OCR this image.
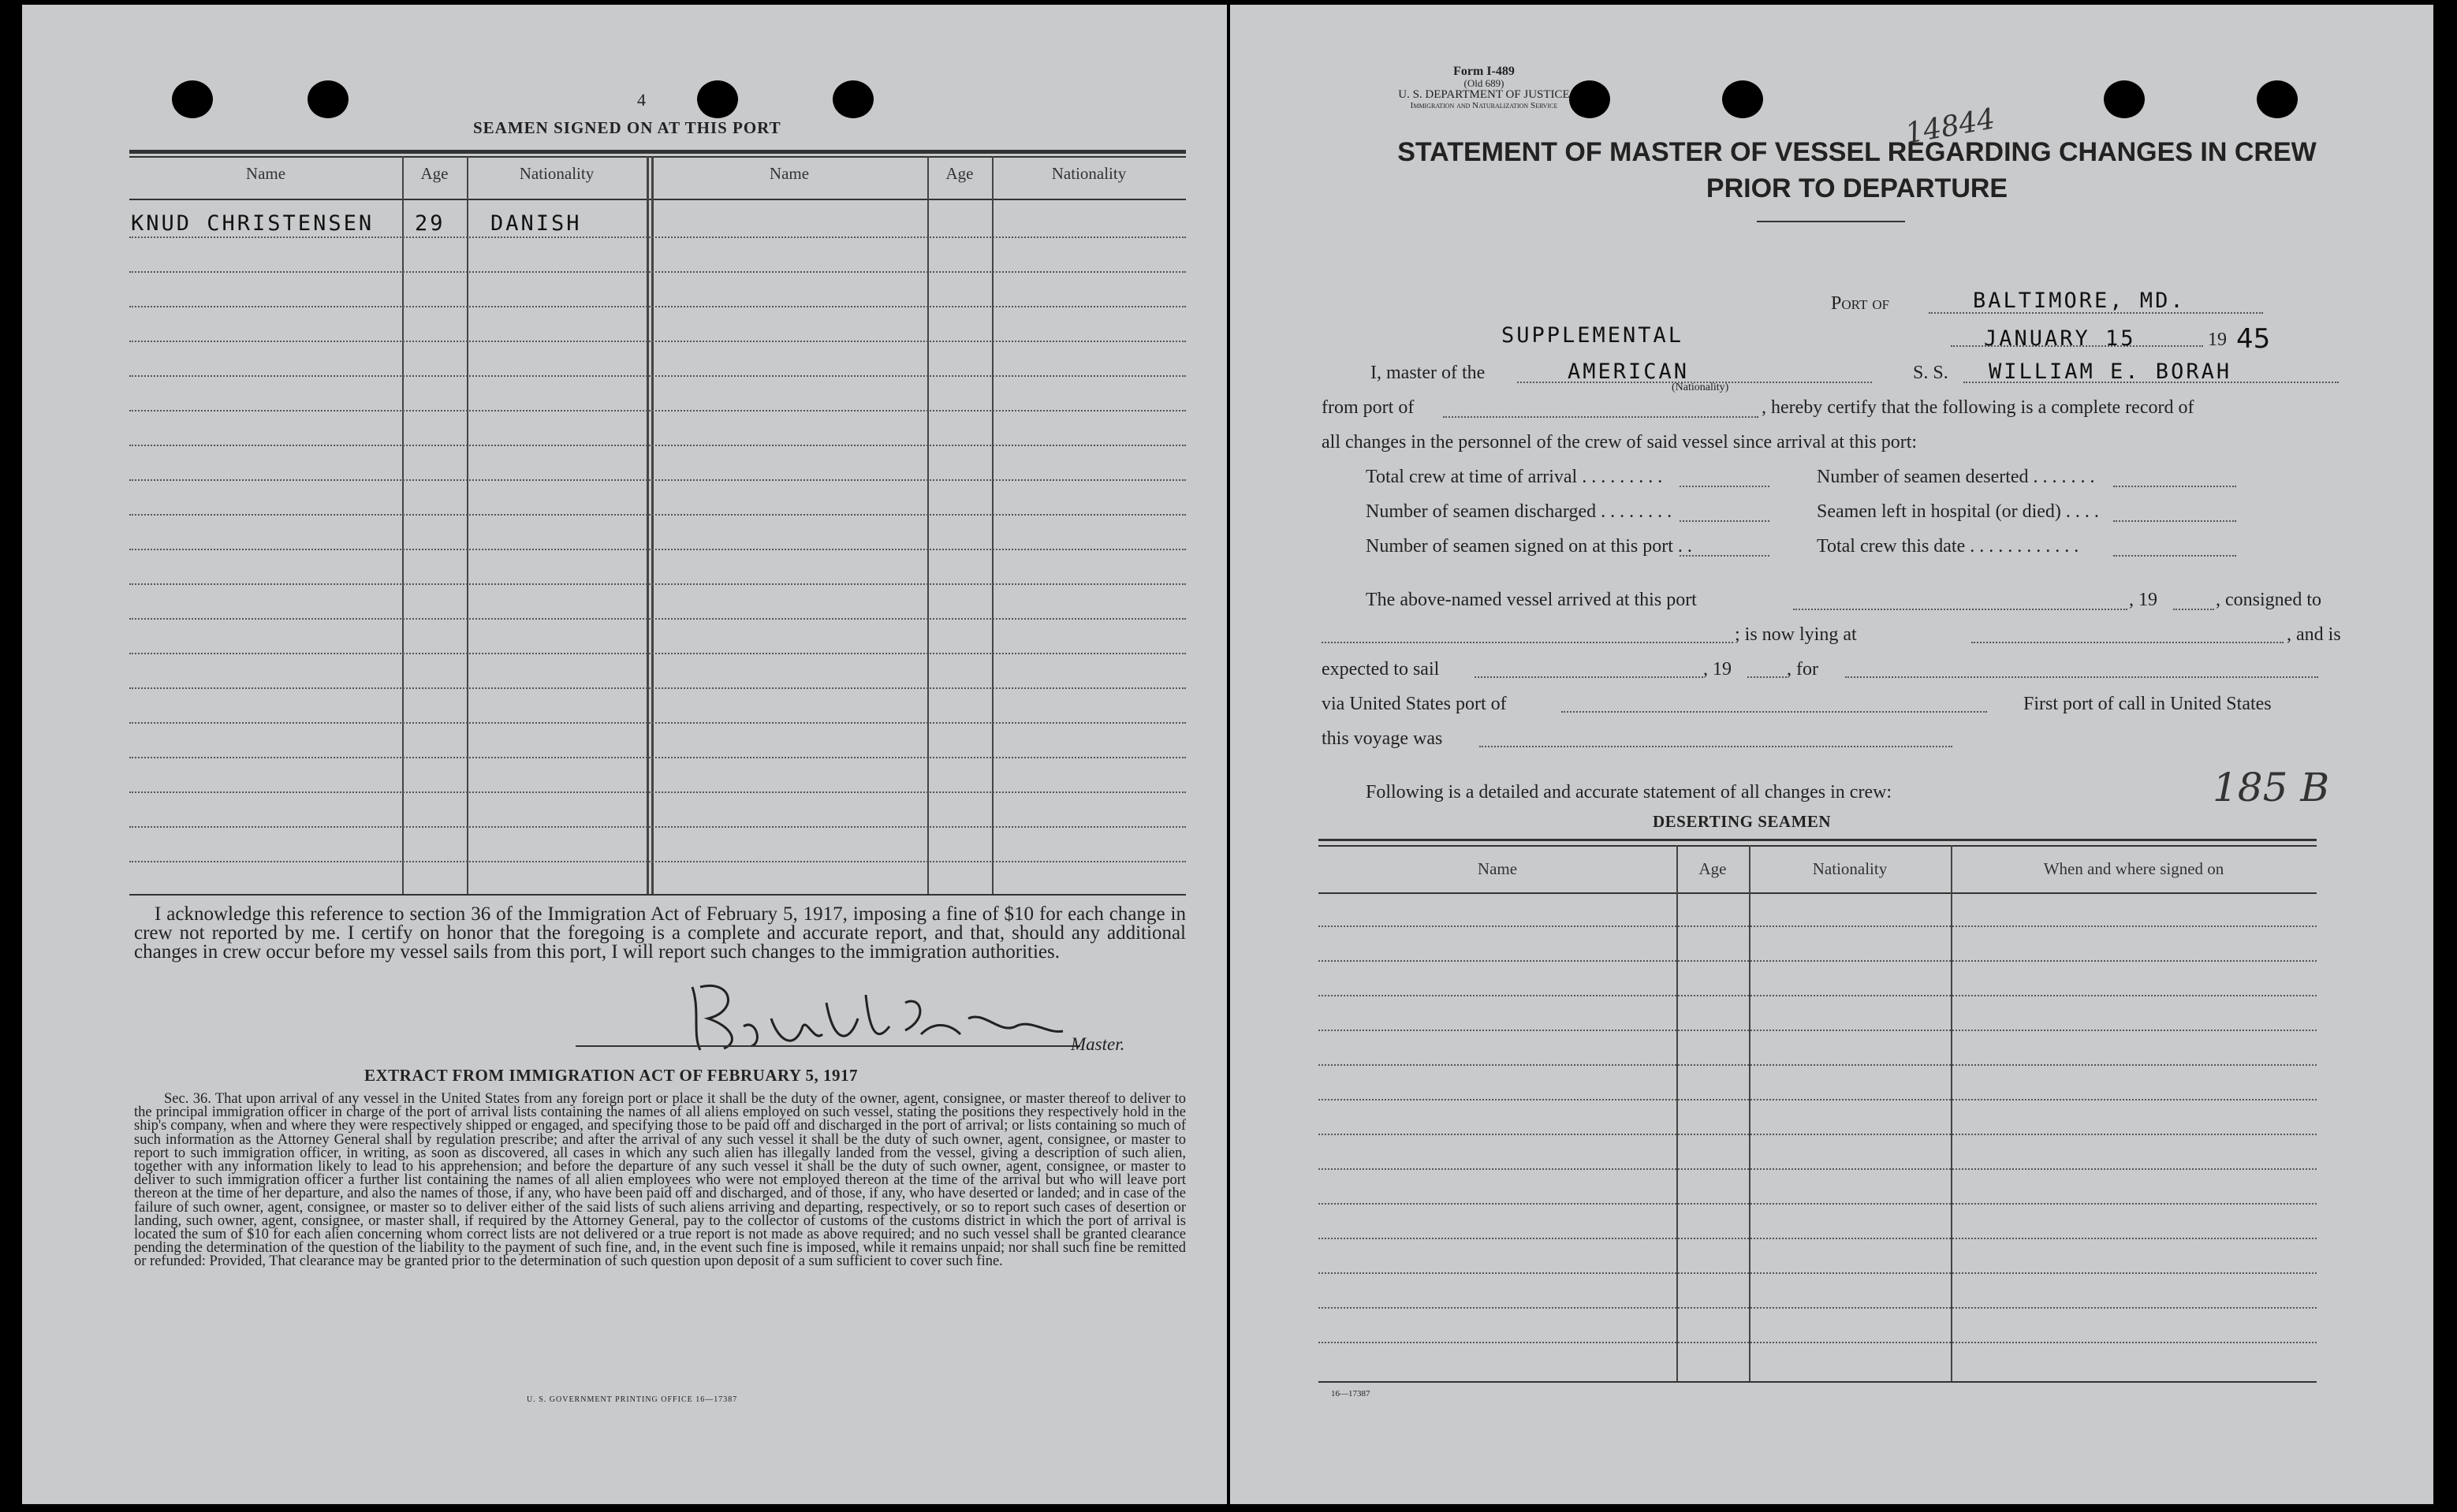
4
SEAMEN SIGNED ON AT THIS PORT
Name	Age	Nationality	Name	Age	Nationality
KNUD CHRISTENSEN 29 DANISH
I acknowledge this reference to section 36 of the Immigration Act of February 5, 1917, imposing a fine of $10 for each change in crew not reported by me. I certify on honor that the foregoing is a complete and accurate report, and that, should any additional changes in crew occur before my vessel sails from this port, I will report such changes to the immigration authorities.
Master.
EXTRACT FROM IMMIGRATION ACT OF FEBRUARY 5, 1917
Sec. 36. That upon arrival of any vessel in the United States from any foreign port or place it shall be the duty of the owner, agent, consignee, or master thereof to deliver to the principal immigration officer in charge of the port of arrival lists containing the names of all aliens employed on such vessel, stating the positions they respectively hold in the ship's company, when and where they were respectively shipped or engaged, and specifying those to be paid off and discharged in the port of arrival; or lists containing so much of such information as the Attorney General shall by regulation prescribe; and after the arrival of any such vessel it shall be the duty of such owner, agent, consignee, or master to report to such immigration officer, in writing, as soon as discovered, all cases in which any such alien has illegally landed from the vessel, giving a description of such alien, together with any information likely to lead to his apprehension; and before the departure of any such vessel it shall be the duty of such owner, agent, consignee, or master to deliver to such immigration officer a further list containing the names of all alien employees who were not employed thereon at the time of the arrival but who will leave port thereon at the time of her departure, and also the names of those, if any, who have been paid off and discharged, and of those, if any, who have deserted or landed; and in case of the failure of such owner, agent, consignee, or master so to deliver either of the said lists of such aliens arriving and departing, respectively, or so to report such cases of desertion or landing, such owner, agent, consignee, or master shall, if required by the Attorney General, pay to the collector of customs of the customs district in which the port of arrival is located the sum of $10 for each alien concerning whom correct lists are not delivered or a true report is not made as above required; and no such vessel shall be granted clearance pending the determination of the question of the liability to the payment of such fine, and, in the event such fine is imposed, while it remains unpaid; nor shall such fine be remitted or refunded: Provided, That clearance may be granted prior to the determination of such question upon deposit of a sum sufficient to cover such fine.
U. S. GOVERNMENT PRINTING OFFICE 16—17387
Form I-489
(Old 689)
U. S. DEPARTMENT OF JUSTICE
Immigration and Naturalization Service	14844
STATEMENT OF MASTER OF VESSEL REGARDING CHANGES IN CREW
PRIOR TO DEPARTURE
Port of	BALTIMORE, MD.
SUPPLEMENTAL	JANUARY 15	19 45
I, master of the	AMERICAN
(Nationality)
S. S. WILLIAM E. BORAH
from port of	, hereby certify that the following is a complete record of
all changes in the personnel of the crew of said vessel since arrival at this port:
Total crew at time of arrival . . . . . . . . .
Number of seamen discharged . . . . . . . .
Number of seamen signed on at this port . .
Number of seamen deserted . . . . . . .
Seamen left in hospital (or died) . . . .
Total crew this date . . . . . . . . . . . .
The above-named vessel arrived at this port	, 19	, consigned to
; is now lying at	, and is
expected to sail	, 19	, for
via United States port of	First port of call in United States
this voyage was
Following is a detailed and accurate statement of all changes in crew:	185 B
DESERTING SEAMEN
Name	Age	Nationality	When and where signed on
16—17387
